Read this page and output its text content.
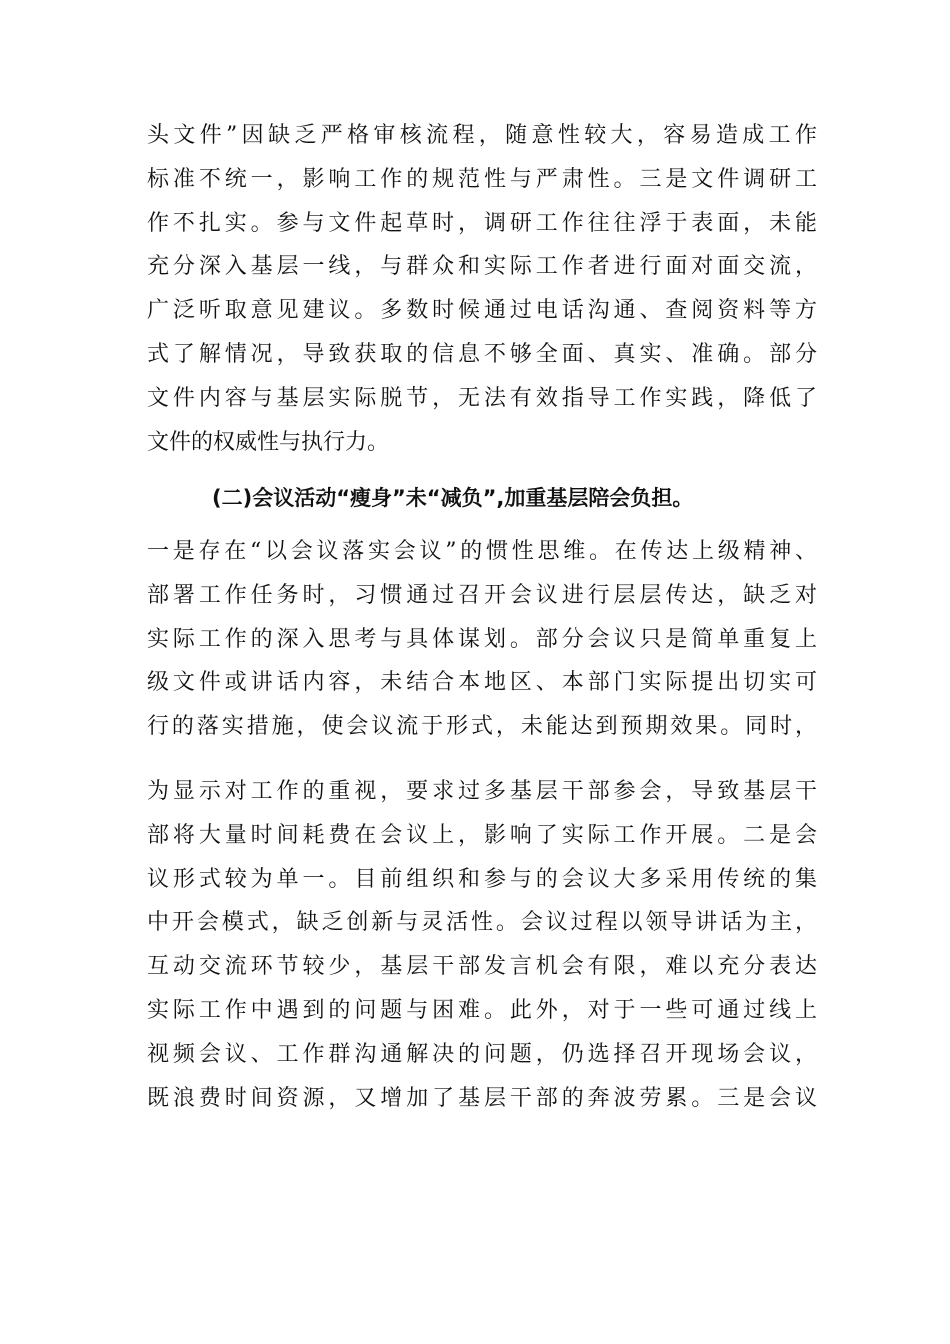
头文件”因缺乏严格审核流程，随意性较大，容易造成工作
标准不统一，影响工作的规范性与严肃性。三是文件调研工
作不扎实。参与文件起草时，调研工作往往浮于表面，未能
充分深入基层一线，与群众和实际工作者进行面对面交流，
广泛听取意见建议。多数时候通过电话沟通、查阅资料等方
式了解情况，导致获取的信息不够全面、真实、准确。部分
文件内容与基层实际脱节，无法有效指导工作实践，降低了
文件的权威性与执行力。
(二)会议活动“瘦身”未“减负”,加重基层陪会负担。
一是存在“以会议落实会议”的惯性思维。在传达上级精神、
部署工作任务时，习惯通过召开会议进行层层传达，缺乏对
实际工作的深入思考与具体谋划。部分会议只是简单重复上
级文件或讲话内容，未结合本地区、本部门实际提出切实可
行的落实措施，使会议流于形式，未能达到预期效果。同时，
为显示对工作的重视，要求过多基层干部参会，导致基层干
部将大量时间耗费在会议上，影响了实际工作开展。二是会
议形式较为单一。目前组织和参与的会议大多采用传统的集
中开会模式，缺乏创新与灵活性。会议过程以领导讲话为主，
互动交流环节较少，基层干部发言机会有限，难以充分表达
实际工作中遇到的问题与困难。此外，对于一些可通过线上
视频会议、工作群沟通解决的问题，仍选择召开现场会议，
既浪费时间资源，又增加了基层干部的奔波劳累。三是会议
